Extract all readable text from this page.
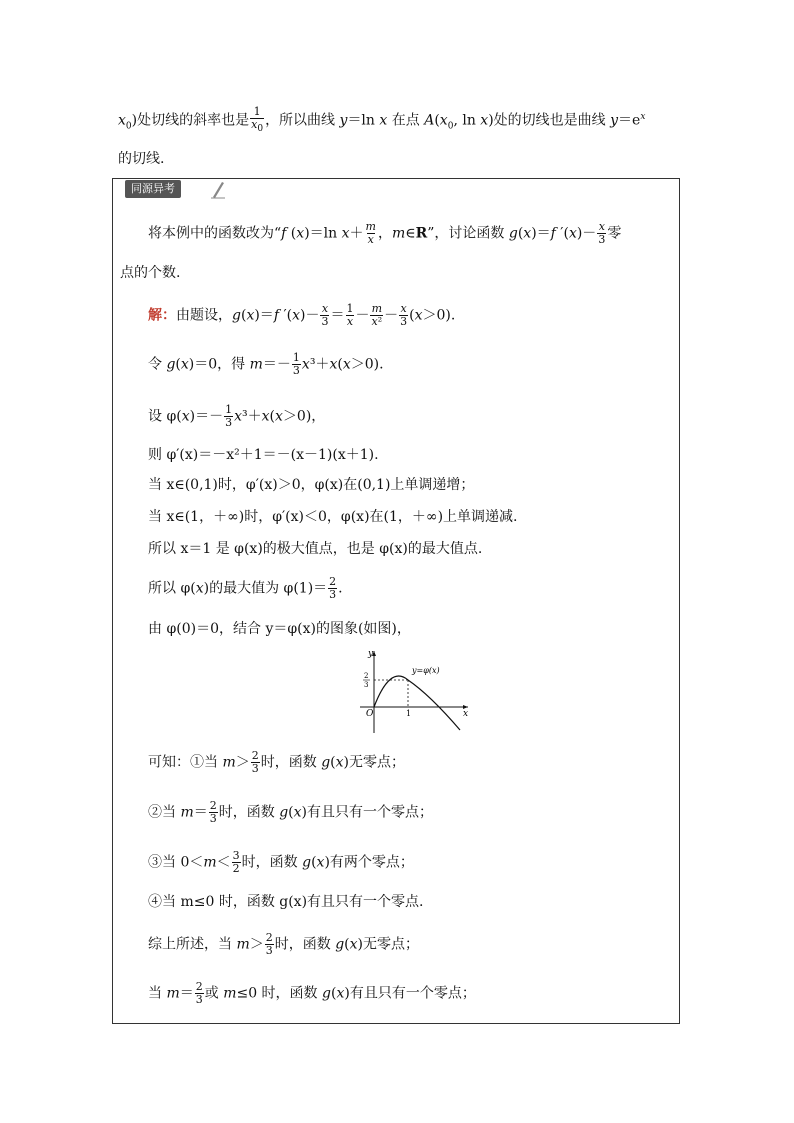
$x_0$)处切线的斜率也是 $\frac{1}{x_0}$ ，所以曲线 y＝ln x 在点 $A(x_0$, ln x)处的切线也是曲线 $y=e^x$
的切线.
同源异考
将本例中的函数改为“f (x)＝ln $x+ \frac{m}{x}$ ，m∈R”，讨论函数 g(x)＝f $'(x)- \frac{x}{3}$ 零
点的个数.
解：由题设，g(x)＝f $'(x)- \frac{x}{3} = \frac{1}{x} - \frac{m}{\text{x²}} - \frac{x}{3} (x>0)$.
令 g(x)＝0，得 $m=- \frac{1}{3} x^3+x(x>0)$.
设 $\varphi(x)=- \frac{1}{3} x^3+x(x>0)$，
则 φ′(x)＝－x²＋1＝－(x－1)(x＋1).
当 x∈(0,1)时，φ′(x)＞0，φ(x)在(0,1)上单调递增；
当 x∈(1，＋∞)时，φ′(x)＜0，φ(x)在(1，＋∞)上单调递减.
所以 x＝1 是 φ(x)的极大值点，也是 φ(x)的最大值点.
所以 φ(x)的最大值为 $\varphi(1)= \frac{2}{3}$ .
由 φ(0)＝0，结合 y＝φ(x)的图象(如图)，
y
x
O	1
2
3
y=φ(x)
可知：①当 $m> \frac{2}{3}$ 时，函数 g(x)无零点；
②当 $m= \frac{2}{3}$ 时，函数 g(x)有且只有一个零点；
③当 $0<m< \frac{3}{2}$ 时，函数 g(x)有两个零点；
④当 m≤0 时，函数 g(x)有且只有一个零点.
综上所述，当 $m> \frac{2}{3}$ 时，函数 g(x)无零点；
当 $m= \frac{2}{3}$ 或 m≤0 时，函数 g(x)有且只有一个零点；
